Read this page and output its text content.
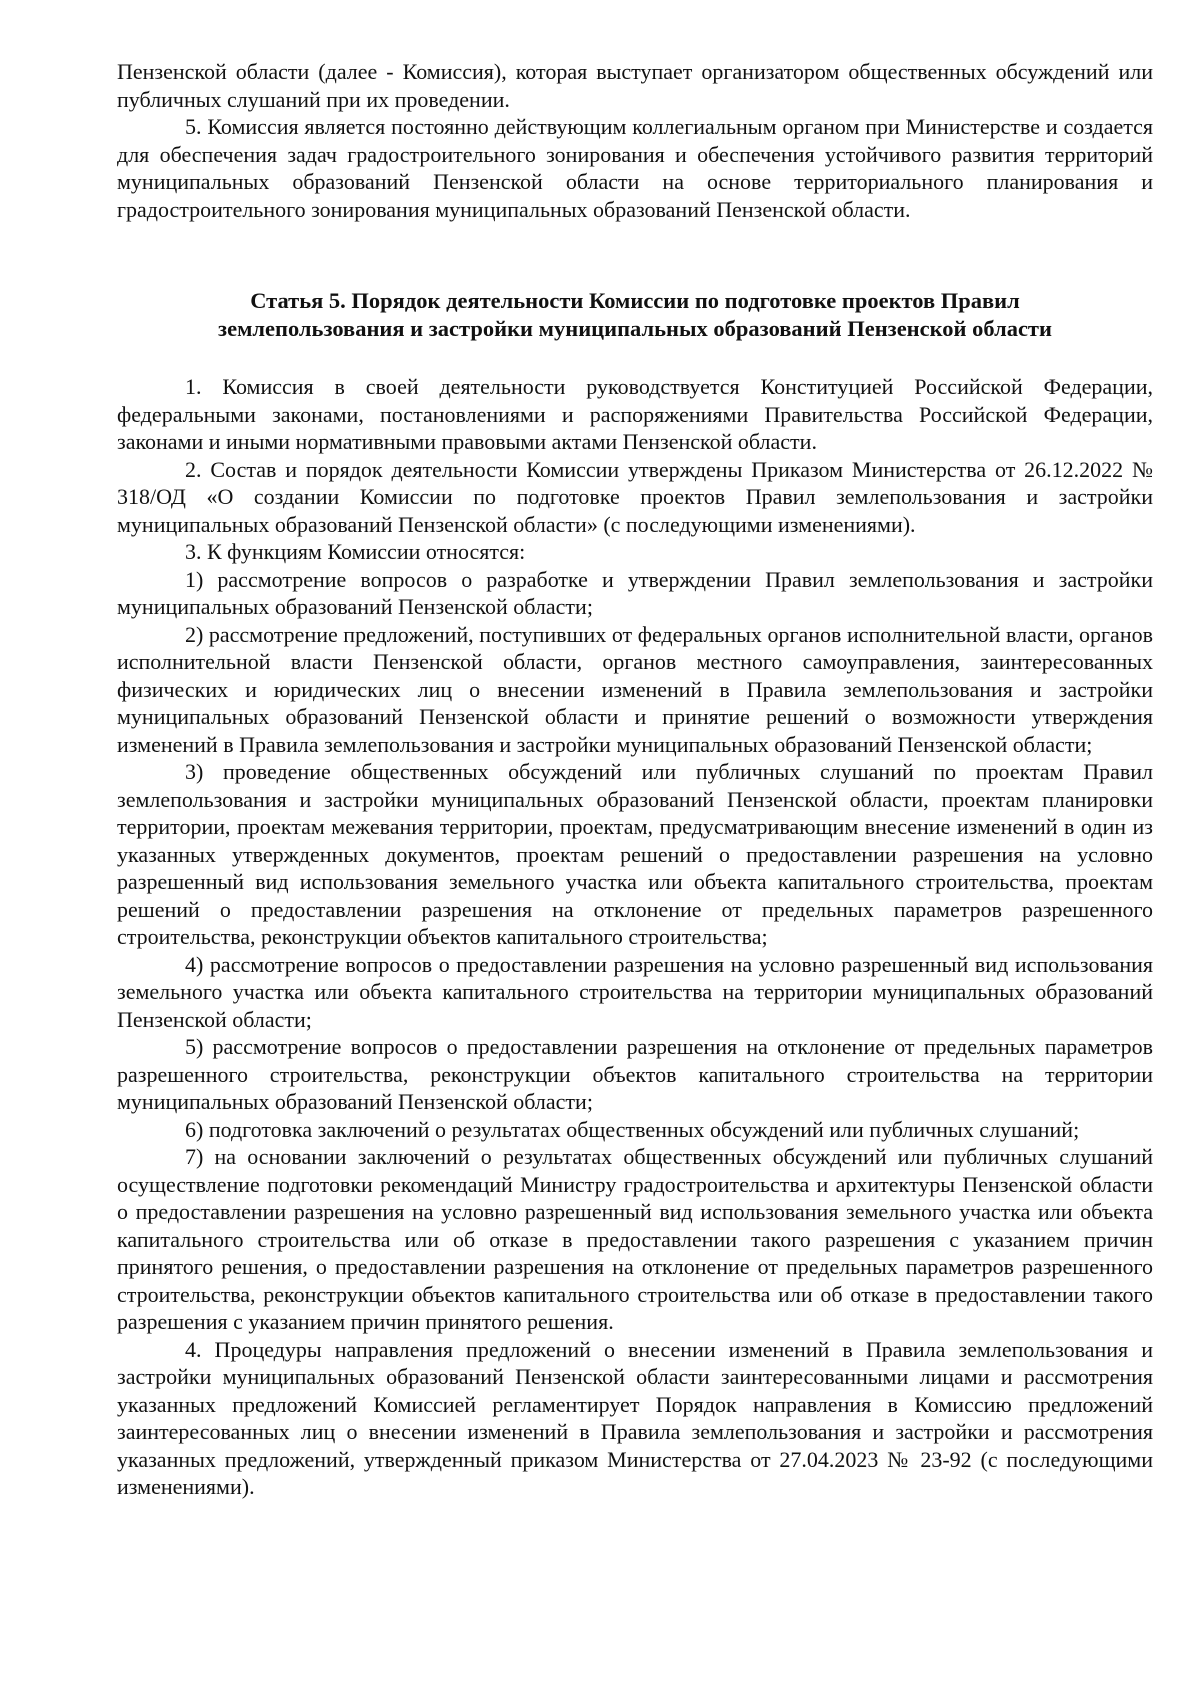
Пензенской области (далее - Комиссия), которая выступает организатором общественных обсуждений или публичных слушаний при их проведении.

5. Комиссия является постоянно действующим коллегиальным органом при Министерстве и создается для обеспечения задач градостроительного зонирования и обеспечения устойчивого развития территорий муниципальных образований Пензенской области на основе территориального планирования и градостроительного зонирования муниципальных образований Пензенской области.

Статья 5. Порядок деятельности Комиссии по подготовке проектов Правил
землепользования и застройки муниципальных образований Пензенской области

1. Комиссия в своей деятельности руководствуется Конституцией Российской Федерации, федеральными законами, постановлениями и распоряжениями Правительства Российской Федерации, законами и иными нормативными правовыми актами Пензенской области.

2. Состав и порядок деятельности Комиссии утверждены Приказом Министерства от 26.12.2022 № 318/ОД «О создании Комиссии по подготовке проектов Правил землепользования и застройки муниципальных образований Пензенской области» (с последующими изменениями).

3. К функциям Комиссии относятся:

1) рассмотрение вопросов о разработке и утверждении Правил землепользования и застройки муниципальных образований Пензенской области;

2) рассмотрение предложений, поступивших от федеральных органов исполнительной власти, органов исполнительной власти Пензенской области, органов местного самоуправления, заинтересованных физических и юридических лиц о внесении изменений в Правила землепользования и застройки муниципальных образований Пензенской области и принятие решений о возможности утверждения изменений в Правила землепользования и застройки муниципальных образований Пензенской области;

3) проведение общественных обсуждений или публичных слушаний по проектам Правил землепользования и застройки муниципальных образований Пензенской области, проектам планировки территории, проектам межевания территории, проектам, предусматривающим внесение изменений в один из указанных утвержденных документов, проектам решений о предоставлении разрешения на условно разрешенный вид использования земельного участка или объекта капитального строительства, проектам решений о предоставлении разрешения на отклонение от предельных параметров разрешенного строительства, реконструкции объектов капитального строительства;

4) рассмотрение вопросов о предоставлении разрешения на условно разрешенный вид использования земельного участка или объекта капитального строительства на территории муниципальных образований Пензенской области;

5) рассмотрение вопросов о предоставлении разрешения на отклонение от предельных параметров разрешенного строительства, реконструкции объектов капитального строительства на территории муниципальных образований Пензенской области;

6) подготовка заключений о результатах общественных обсуждений или публичных слушаний;

7) на основании заключений о результатах общественных обсуждений или публичных слушаний осуществление подготовки рекомендаций Министру градостроительства и архитектуры Пензенской области о предоставлении разрешения на условно разрешенный вид использования земельного участка или объекта капитального строительства или об отказе в предоставлении такого разрешения с указанием причин принятого решения, о предоставлении разрешения на отклонение от предельных параметров разрешенного строительства, реконструкции объектов капитального строительства или об отказе в предоставлении такого разрешения с указанием причин принятого решения.

4. Процедуры направления предложений о внесении изменений в Правила землепользования и застройки муниципальных образований Пензенской области заинтересованными лицами и рассмотрения указанных предложений Комиссией регламентирует Порядок направления в Комиссию предложений заинтересованных лиц о внесении изменений в Правила землепользования и застройки и рассмотрения указанных предложений, утвержденный приказом Министерства от 27.04.2023 № 23-92 (с последующими изменениями).
